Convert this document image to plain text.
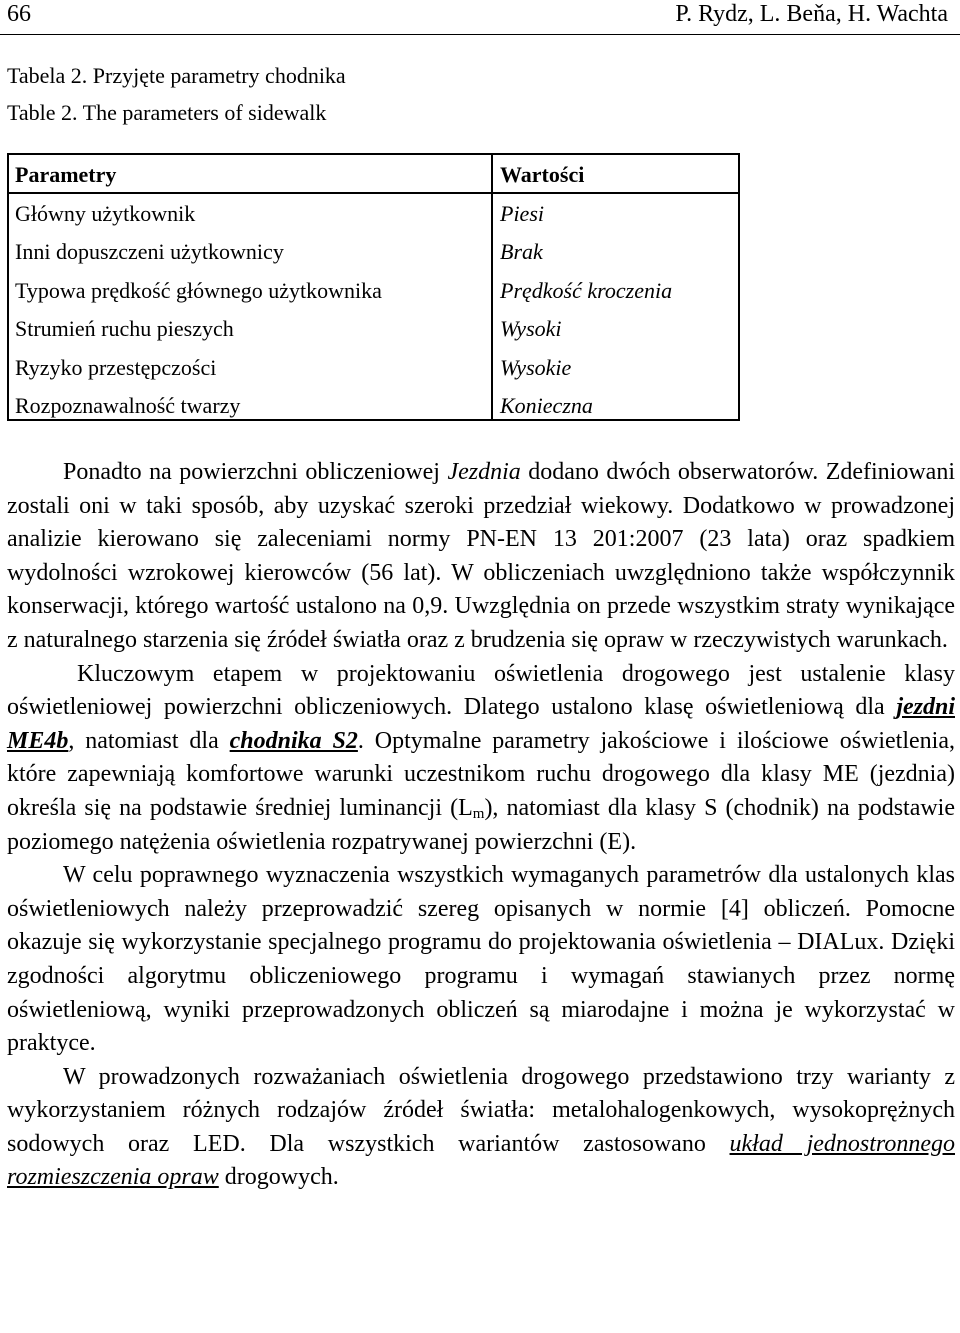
66	P. Rydz, L. Beňa, H. Wachta
Tabela 2. Przyjęte parametry chodnika
Table 2. The parameters of sidewalk
Parametry	Wartości
Główny użytkownik	Piesi
Inni dopuszczeni użytkownicy	Brak
Typowa prędkość głównego użytkownika	Prędkość kroczenia
Strumień ruchu pieszych	Wysoki
Ryzyko przestępczości	Wysokie
Rozpoznawalność twarzy	Konieczna

Ponadto na powierzchni obliczeniowej Jezdnia dodano dwóch obserwatorów. Zdefiniowani zostali oni w taki sposób, aby uzyskać szeroki przedział wiekowy. Dodatkowo w prowadzonej analizie kierowano się zaleceniami normy PN-EN 13 201:2007 (23 lata) oraz spadkiem wydolności wzrokowej kierowców (56 lat). W obliczeniach uwzględniono także współczynnik konserwacji, którego wartość ustalono na 0,9. Uwzględnia on przede wszystkim straty wynikające z naturalnego starzenia się źródeł światła oraz z brudzenia się opraw w rzeczywistych warunkach.

Kluczowym etapem w projektowaniu oświetlenia drogowego jest ustalenie klasy oświetleniowej powierzchni obliczeniowych. Dlatego ustalono klasę oświetleniową dla jezdni ME4b, natomiast dla chodnika S2. Optymalne parametry jakościowe i ilościowe oświetlenia, które zapewniają komfortowe warunki uczestnikom ruchu drogowego dla klasy ME (jezdnia) określa się na podstawie średniej luminancji $(L_m)$, natomiast dla klasy S (chodnik) na podstawie poziomego natężenia oświetlenia rozpatrywanej powierzchni (E).

W celu poprawnego wyznaczenia wszystkich wymaganych parametrów dla ustalonych klas oświetleniowych należy przeprowadzić szereg opisanych w normie [4] obliczeń. Pomocne okazuje się wykorzystanie specjalnego programu do projektowania oświetlenia – DIALux. Dzięki zgodności algorytmu obliczeniowego programu i wymagań stawianych przez normę oświetleniową, wyniki przeprowadzonych obliczeń są miarodajne i można je wykorzystać w praktyce.

W prowadzonych rozważaniach oświetlenia drogowego przedstawiono trzy warianty z wykorzystaniem różnych rodzajów źródeł światła: metalohalogenkowych, wysokoprężnych sodowych oraz LED. Dla wszystkich wariantów zastosowano układ jednostronnego rozmieszczenia opraw drogowych.
